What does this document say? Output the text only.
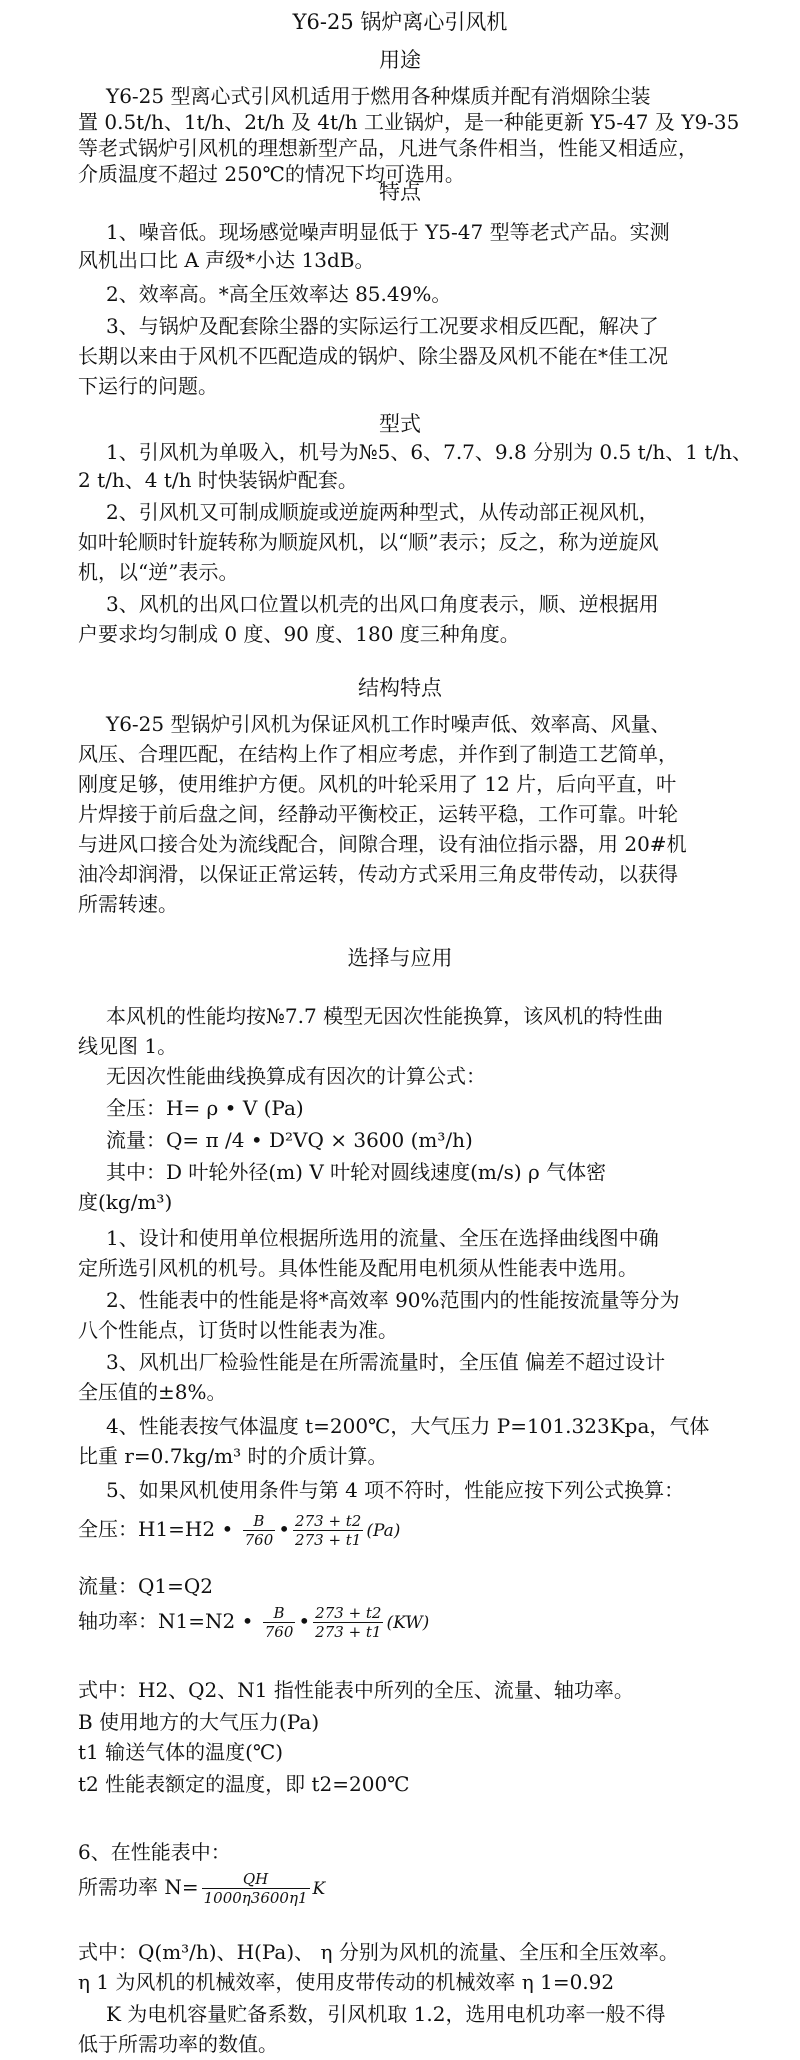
Y6-25 锅炉离心引风机
用途
Y6-25 型离心式引风机适用于燃用各种煤质并配有消烟除尘装
置 0.5t/h、1t/h、2t/h 及 4t/h 工业锅炉，是一种能更新 Y5-47 及 Y9-35
等老式锅炉引风机的理想新型产品，凡进气条件相当，性能又相适应，
介质温度不超过 250℃的情况下均可选用。
特点
1、噪音低。现场感觉噪声明显低于 Y5-47 型等老式产品。实测
风机出口比 A 声级*小达 13dB。
2、效率高。*高全压效率达 85.49%。
3、与锅炉及配套除尘器的实际运行工况要求相反匹配，解决了
长期以来由于风机不匹配造成的锅炉、除尘器及风机不能在*佳工况
下运行的问题。
型式
1、引风机为单吸入，机号为№5、6、7.7、9.8 分别为 0.5 t/h、1 t/h、
2 t/h、4 t/h 时快装锅炉配套。
2、引风机又可制成顺旋或逆旋两种型式，从传动部正视风机，
如叶轮顺时针旋转称为顺旋风机，以“顺”表示；反之，称为逆旋风
机，以“逆”表示。
3、风机的出风口位置以机壳的出风口角度表示，顺、逆根据用
户要求均匀制成 0 度、90 度、180 度三种角度。
结构特点
Y6-25 型锅炉引风机为保证风机工作时噪声低、效率高、风量、
风压、合理匹配，在结构上作了相应考虑，并作到了制造工艺简单，
刚度足够，使用维护方便。风机的叶轮采用了 12 片，后向平直，叶
片焊接于前后盘之间，经静动平衡校正，运转平稳，工作可靠。叶轮
与进风口接合处为流线配合，间隙合理，设有油位指示器，用 20#机
油冷却润滑，以保证正常运转，传动方式采用三角皮带传动，以获得
所需转速。
选择与应用
本风机的性能均按№7.7 模型无因次性能换算，该风机的特性曲
线见图 1。
无因次性能曲线换算成有因次的计算公式：
全压：H= ρ • V (Pa)
流量：Q= π /4 • D²VQ × 3600 (m³/h)
其中：D 叶轮外径(m) V 叶轮对圆线速度(m/s) ρ 气体密
度(kg/m³)
1、设计和使用单位根据所选用的流量、全压在选择曲线图中确
定所选引风机的机号。具体性能及配用电机须从性能表中选用。
2、性能表中的性能是将*高效率 90%范围内的性能按流量等分为
八个性能点，订货时以性能表为准。
3、风机出厂检验性能是在所需流量时，全压值 偏差不超过设计
全压值的±8%。
4、性能表按气体温度 t=200℃，大气压力 P=101.323Kpa，气体
比重 r=0.7kg/m³ 时的介质计算。
5、如果风机使用条件与第 4 项不符时，性能应按下列公式换算：
全压：H1=H2 • $\frac{B}{760}$ • $\frac{273 + t2}{273 + t1} (Pa)$
流量：Q1=Q2
轴功率：N1=N2 • $\frac{B}{760}$ • $\frac{273 + t2}{273 + t1} (KW)$
式中：H2、Q2、N1 指性能表中所列的全压、流量、轴功率。
B 使用地方的大气压力(Pa)
t1 输送气体的温度(℃)
t2 性能表额定的温度，即 t2=200℃
6、在性能表中：
所需功率 $N= \frac{QH}{1000\eta 3600\eta 1}$ K
式中：Q(m³/h)、H(Pa)、 η 分别为风机的流量、全压和全压效率。
η 1 为风机的机械效率，使用皮带传动的机械效率 η 1=0.92
K 为电机容量贮备系数，引风机取 1.2，选用电机功率一般不得
低于所需功率的数值。
